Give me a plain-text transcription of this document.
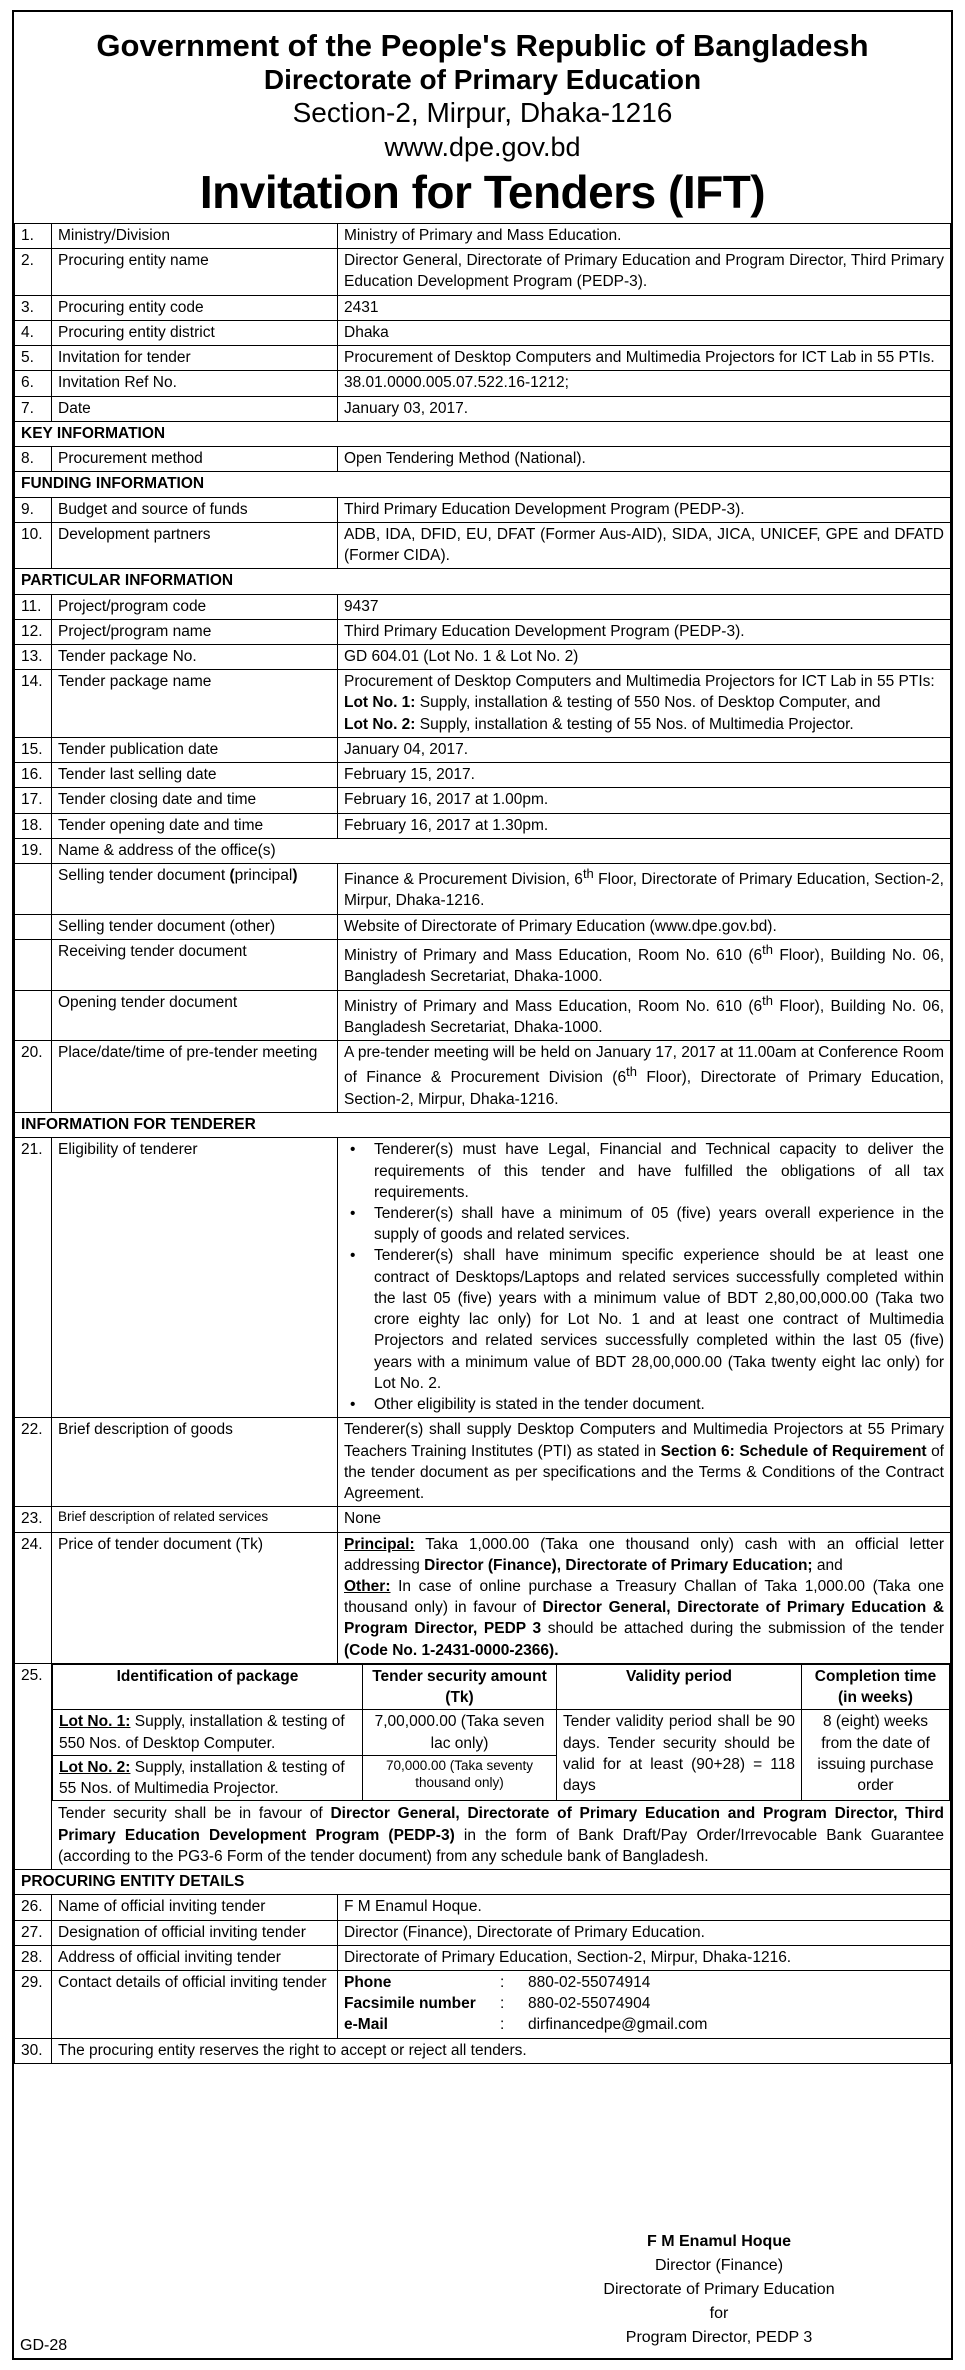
Government of the People's Republic of Bangladesh
Directorate of Primary Education
Section-2, Mirpur, Dhaka-1216
www.dpe.gov.bd
Invitation for Tenders (IFT)
1.	Ministry/Division	Ministry of Primary and Mass Education.
2.	Procuring entity name	Director General, Directorate of Primary Education and Program Director, Third Primary Education Development Program (PEDP-3).
3.	Procuring entity code	2431
4.	Procuring entity district	Dhaka
5.	Invitation for tender	Procurement of Desktop Computers and Multimedia Projectors for ICT Lab in 55 PTIs.
6.	Invitation Ref No.	38.01.0000.005.07.522.16-1212;
7.	Date	January 03, 2017.
KEY INFORMATION
8.	Procurement method	Open Tendering Method (National).
FUNDING INFORMATION
9.	Budget and source of funds	Third Primary Education Development Program (PEDP-3).
10.	Development partners	ADB, IDA, DFID, EU, DFAT (Former Aus-AID), SIDA, JICA, UNICEF, GPE and DFATD (Former CIDA).
PARTICULAR INFORMATION
11.	Project/program code	9437
12.	Project/program name	Third Primary Education Development Program (PEDP-3).
13.	Tender package No.	GD 604.01 (Lot No. 1 & Lot No. 2)
14.	Tender package name	Procurement of Desktop Computers and Multimedia Projectors for ICT Lab in 55 PTIs:
Lot No. 1: Supply, installation & testing of 550 Nos. of Desktop Computer, and
Lot No. 2: Supply, installation & testing of 55 Nos. of Multimedia Projector.

15.	Tender publication date	January 04, 2017.
16.	Tender last selling date	February 15, 2017.
17.	Tender closing date and time	February 16, 2017 at 1.00pm.
18.	Tender opening date and time	February 16, 2017 at 1.30pm.
19.	Name & address of the office(s)
	Selling tender document (principal)	Finance & Procurement Division, 6th Floor, Directorate of Primary Education, Section-2, Mirpur, Dhaka-1216.
	Selling tender document (other)	Website of Directorate of Primary Education (www.dpe.gov.bd).
	Receiving tender document	Ministry of Primary and Mass Education, Room No. 610 (6th Floor), Building No. 06, Bangladesh Secretariat, Dhaka-1000.
	Opening tender document	Ministry of Primary and Mass Education, Room No. 610 (6th Floor), Building No. 06, Bangladesh Secretariat, Dhaka-1000.
20.	Place/date/time of pre-tender meeting	A pre-tender meeting will be held on January 17, 2017 at 11.00am at Conference Room of Finance & Procurement Division (6th Floor), Directorate of Primary Education, Section-2, Mirpur, Dhaka-1216.
INFORMATION FOR TENDERER
21.	Eligibility of tenderer	
•Tenderer(s) must have Legal, Financial and Technical capacity to deliver the requirements of this tender and have fulfilled the obligations of all tax requirements.
• Tenderer(s) shall have a minimum of 05 (five) years overall experience in the supply of goods and related services.
• Tenderer(s) shall have minimum specific experience should be at least one contract of Desktops/Laptops and related services successfully completed within the last 05 (five) years with a minimum value of BDT 2,80,00,000.00 (Taka two crore eighty lac only) for Lot No. 1 and at least one contract of Multimedia Projectors and related services successfully completed within the last 05 (five) years with a minimum value of BDT 28,00,000.00 (Taka twenty eight lac only) for Lot No. 2.
• Other eligibility is stated in the tender document.

22.	Brief description of goods	Tenderer(s) shall supply Desktop Computers and Multimedia Projectors at 55 Primary Teachers Training Institutes (PTI) as stated in Section 6: Schedule of Requirement of the tender document as per specifications and the Terms & Conditions of the Contract Agreement.
23.	Brief description of related services	None
24.	Price of tender document (Tk)	Principal: Taka 1,000.00 (Taka one thousand only) cash with an official letter addressing Director (Finance), Directorate of Primary Education; and
Other: In case of online purchase a Treasury Challan of Taka 1,000.00 (Taka one thousand only) in favour of Director General, Directorate of Primary Education & Program Director, PEDP 3 should be attached during the submission of the tender (Code No. 1-2431-0000-2366).

25.		Identification of package	Tender security amount (Tk)	Validity period	Completion time (in weeks)
Lot No. 1: Supply, installation & testing of 550 Nos. of Desktop Computer.	7,00,000.00 (Taka seven lac only)	Tender validity period shall be 90 days. Tender security should be valid for at least (90+28) = 118 days	8 (eight) weeks from the date of issuing purchase order
Lot No. 2: Supply, installation & testing of 55 Nos. of Multimedia Projector.	70,000.00 (Taka seventy thousand only)
Tender security shall be in favour of Director General, Directorate of Primary Education and Program Director, Third Primary Education Development Program (PEDP-3) in the form of Bank Draft/Pay Order/Irrevocable Bank Guarantee (according to the PG3-6 Form of the tender document) from any schedule bank of Bangladesh.

PROCURING ENTITY DETAILS
26.	Name of official inviting tender	F M Enamul Hoque.
27.	Designation of official inviting tender	Director (Finance), Directorate of Primary Education.
28.	Address of official inviting tender	Directorate of Primary Education, Section-2, Mirpur, Dhaka-1216.
29.	Contact details of official inviting tender	Phone	:	880-02-55074914
Facsimile number	:	880-02-55074904
e-Mail	:	dirfinancedpe@gmail.com

30.	The procuring entity reserves the right to accept or reject all tenders.
F M Enamul Hoque
Director (Finance)
Directorate of Primary Education
for
Program Director, PEDP 3
GD-28
